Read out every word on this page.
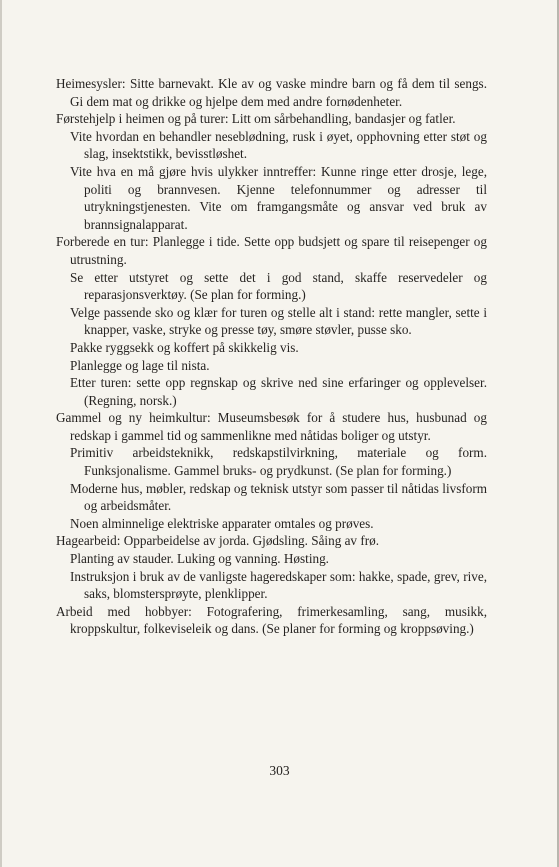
Heimesysler: Sitte barnevakt. Kle av og vaske mindre barn og få dem til sengs. Gi dem mat og drikke og hjelpe dem med andre fornødenheter.

Førstehjelp i heimen og på turer: Litt om sårbehandling, bandasjer og fatler.

Vite hvordan en behandler neseblødning, rusk i øyet, opphovning etter støt og slag, insektstikk, bevisstløshet.

Vite hva en må gjøre hvis ulykker inntreffer: Kunne ringe etter drosje, lege, politi og brannvesen. Kjenne telefonnummer og adresser til utrykningstjenesten. Vite om framgangsmåte og ansvar ved bruk av brannsignalapparat.

Forberede en tur: Planlegge i tide. Sette opp budsjett og spare til reisepenger og utrustning.

Se etter utstyret og sette det i god stand, skaffe reservedeler og reparasjonsverktøy. (Se plan for forming.)

Velge passende sko og klær for turen og stelle alt i stand: rette mangler, sette i knapper, vaske, stryke og presse tøy, smøre støvler, pusse sko.

Pakke ryggsekk og koffert på skikkelig vis.

Planlegge og lage til nista.

Etter turen: sette opp regnskap og skrive ned sine erfaringer og opplevelser. (Regning, norsk.)

Gammel og ny heimkultur: Museumsbesøk for å studere hus, husbunad og redskap i gammel tid og sammenlikne med nåtidas boliger og utstyr.

Primitiv arbeidsteknikk, redskapstilvirkning, materiale og form. Funksjonalisme. Gammel bruks- og prydkunst. (Se plan for forming.)

Moderne hus, møbler, redskap og teknisk utstyr som passer til nåtidas livsform og arbeidsmåter.

Noen alminnelige elektriske apparater omtales og prøves.

Hagearbeid: Opparbeidelse av jorda. Gjødsling. Såing av frø.

Planting av stauder. Luking og vanning. Høsting.

Instruksjon i bruk av de vanligste hageredskaper som: hakke, spade, grev, rive, saks, blomstersprøyte, plenklipper.

Arbeid med hobbyer: Fotografering, frimerkesamling, sang, musikk, kroppskultur, folkeviseleik og dans. (Se planer for forming og kroppsøving.)

303
